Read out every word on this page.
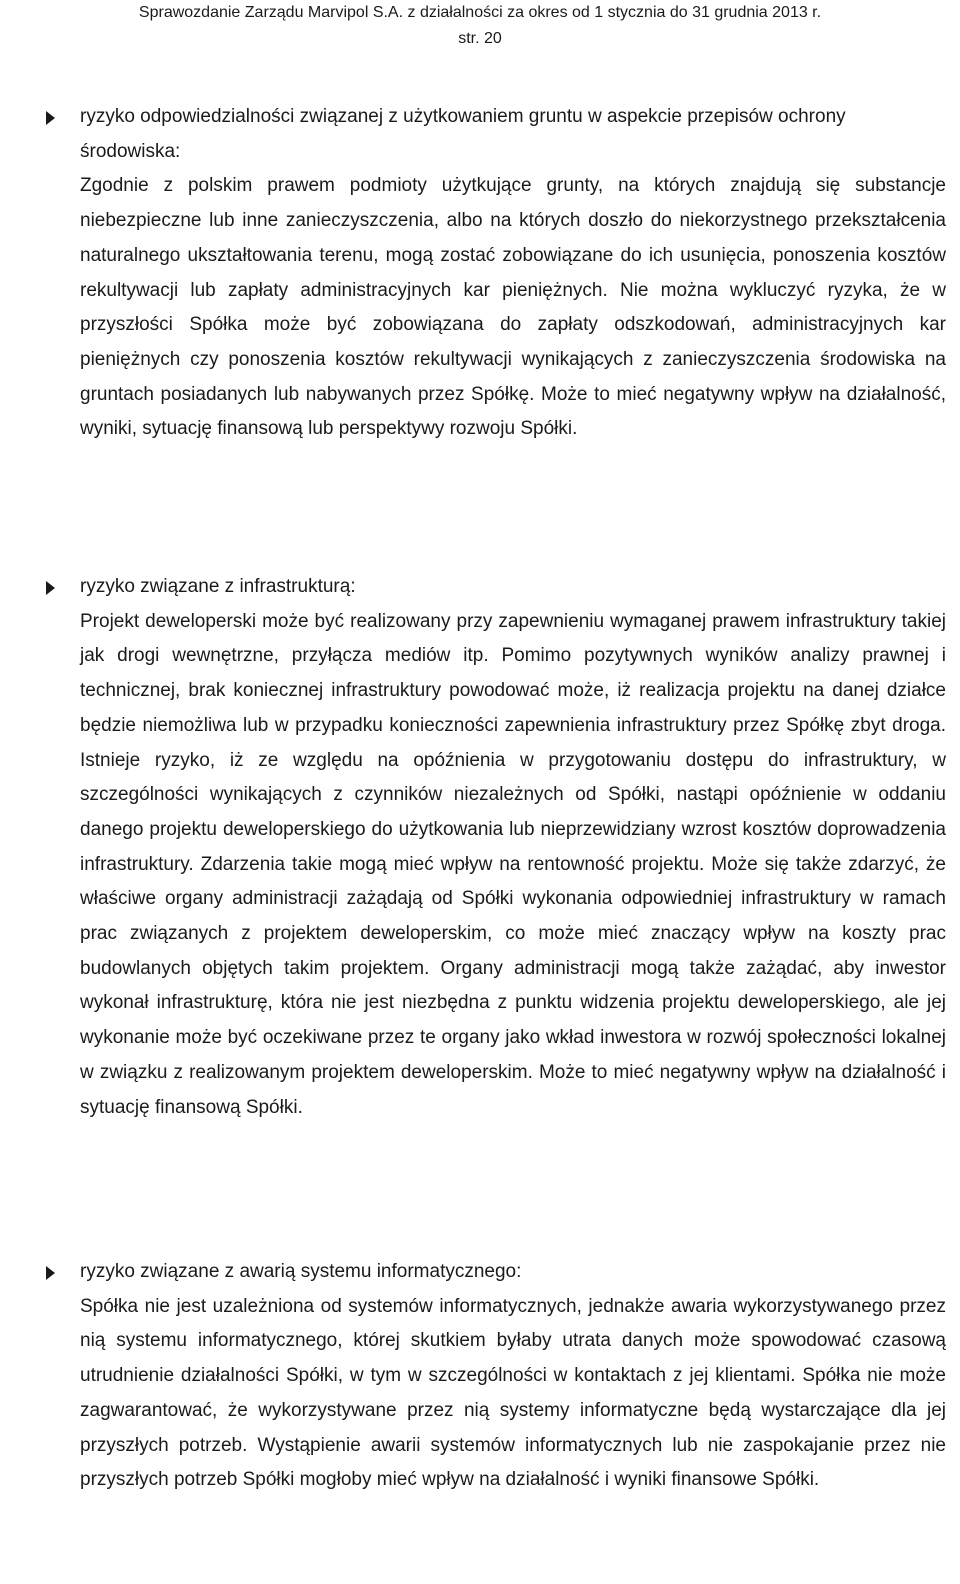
Sprawozdanie Zarządu Marvipol S.A. z działalności za okres od 1 stycznia do 31 grudnia 2013 r.
str. 20
ryzyko odpowiedzialności związanej z użytkowaniem gruntu w aspekcie przepisów ochrony środowiska:
Zgodnie z polskim prawem podmioty użytkujące grunty, na których znajdują się substancje niebezpieczne lub inne zanieczyszczenia, albo na których doszło do niekorzystnego przekształcenia naturalnego ukształtowania terenu, mogą zostać zobowiązane do ich usunięcia, ponoszenia kosztów rekultywacji lub zapłaty administracyjnych kar pieniężnych. Nie można wykluczyć ryzyka, że w przyszłości Spółka może być zobowiązana do zapłaty odszkodowań, administracyjnych kar pieniężnych czy ponoszenia kosztów rekultywacji wynikających z zanieczyszczenia środowiska na gruntach posiadanych lub nabywanych przez Spółkę. Może to mieć negatywny wpływ na działalność, wyniki, sytuację finansową lub perspektywy rozwoju Spółki.
ryzyko związane z infrastrukturą:
Projekt deweloperski może być realizowany przy zapewnieniu wymaganej prawem infrastruktury takiej jak drogi wewnętrzne, przyłącza mediów itp. Pomimo pozytywnych wyników analizy prawnej i technicznej, brak koniecznej infrastruktury powodować może, iż realizacja projektu na danej działce będzie niemożliwa lub w przypadku konieczności zapewnienia infrastruktury przez Spółkę zbyt droga. Istnieje ryzyko, iż ze względu na opóźnienia w przygotowaniu dostępu do infrastruktury, w szczególności wynikających z czynników niezależnych od Spółki, nastąpi opóźnienie w oddaniu danego projektu deweloperskiego do użytkowania lub nieprzewidziany wzrost kosztów doprowadzenia infrastruktury. Zdarzenia takie mogą mieć wpływ na rentowność projektu. Może się także zdarzyć, że właściwe organy administracji zażądają od Spółki wykonania odpowiedniej infrastruktury w ramach prac związanych z projektem deweloperskim, co może mieć znaczący wpływ na koszty prac budowlanych objętych takim projektem. Organy administracji mogą także zażądać, aby inwestor wykonał infrastrukturę, która nie jest niezbędna z punktu widzenia projektu deweloperskiego, ale jej wykonanie może być oczekiwane przez te organy jako wkład inwestora w rozwój społeczności lokalnej w związku z realizowanym projektem deweloperskim. Może to mieć negatywny wpływ na działalność i sytuację finansową Spółki.
ryzyko związane z awarią systemu informatycznego:
Spółka nie jest uzależniona od systemów informatycznych, jednakże awaria wykorzystywanego przez nią systemu informatycznego, której skutkiem byłaby utrata danych może spowodować czasową utrudnienie działalności Spółki, w tym w szczególności w kontaktach z jej klientami. Spółka nie może zagwarantować, że wykorzystywane przez nią systemy informatyczne będą wystarczające dla jej przyszłych potrzeb. Wystąpienie awarii systemów informatycznych lub nie zaspokajanie przez nie przyszłych potrzeb Spółki mogłoby mieć wpływ na działalność i wyniki finansowe Spółki.
